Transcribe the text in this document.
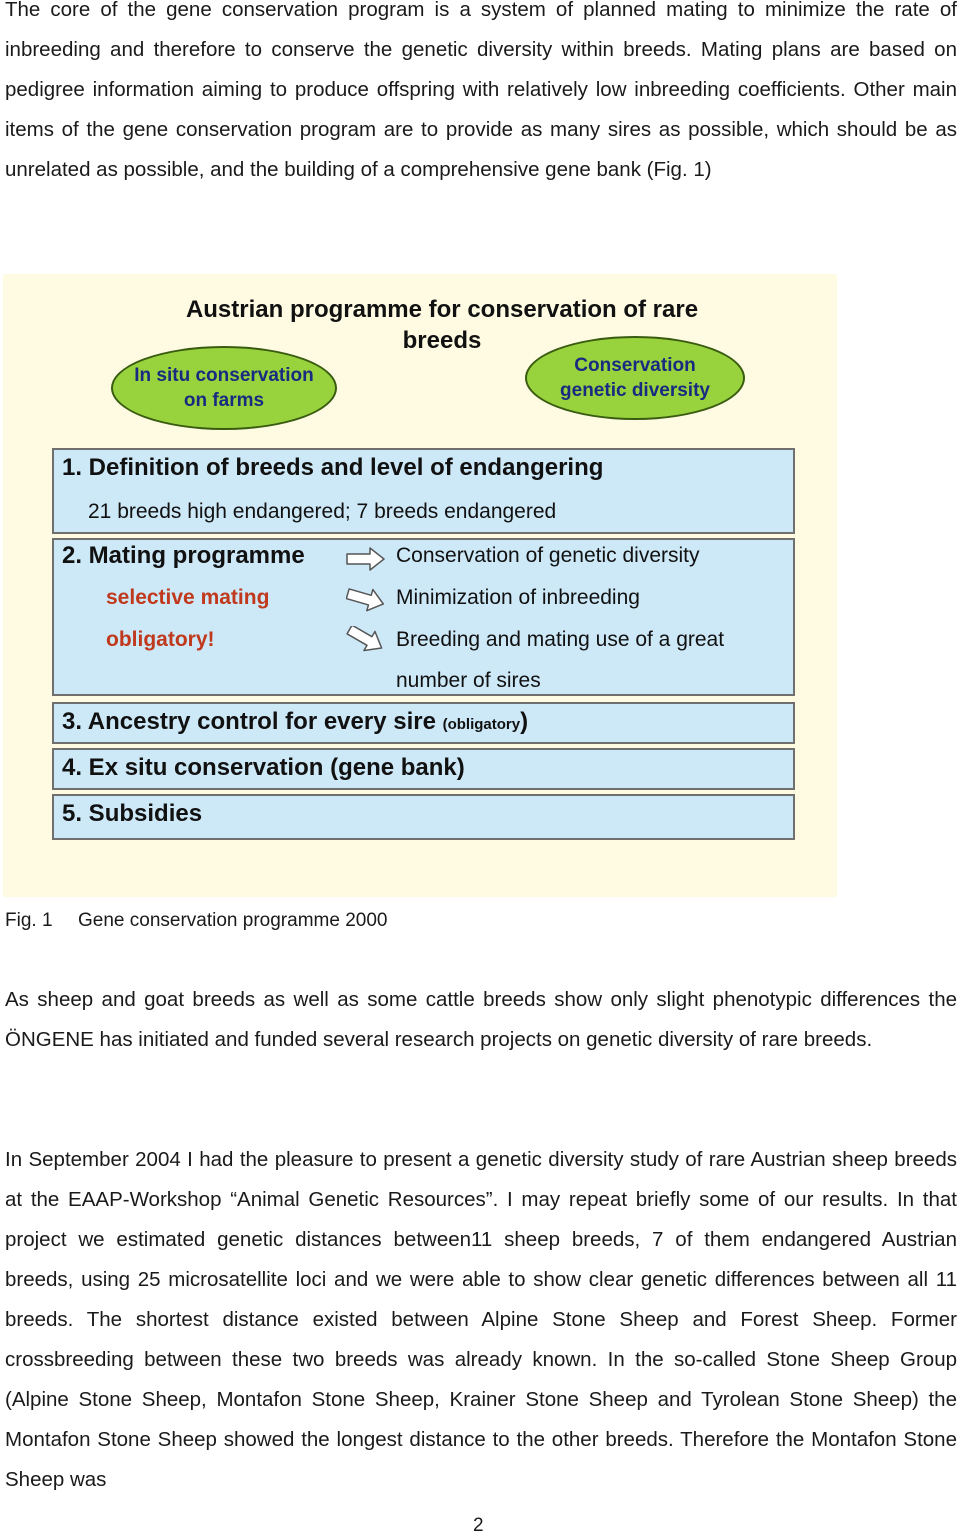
The core of the gene conservation program is a system of planned mating to minimize the rate of inbreeding and therefore to conserve the genetic diversity within breeds. Mating plans are based on pedigree information aiming to produce offspring with relatively low inbreeding coefficients. Other main items of the gene conservation program are to provide as many sires as possible, which should be as unrelated as possible, and the building of a comprehensive gene bank (Fig. 1)

Austrian programme for conservation of rare breeds
In situ conservation
on farms
Conservation
genetic diversity
1. Definition of breeds and level of endangering
21 breeds high endangered; 7 breeds endangered
2. Mating programme
selective mating
obligatory!
Conservation of genetic diversity
Minimization of inbreeding
Breeding and mating use of a great
number of sires
3. Ancestry control for every sire (obligatory)
4. Ex situ conservation (gene bank)
5. Subsidies
Fig. 1 Gene conservation programme 2000

As sheep and goat breeds as well as some cattle breeds show only slight phenotypic differences the ÖNGENE has initiated and funded several research projects on genetic diversity of rare breeds.

In September 2004 I had the pleasure to present a genetic diversity study of rare Austrian sheep breeds at the EAAP-Workshop “Animal Genetic Resources”. I may repeat briefly some of our results. In that project we estimated genetic distances between11 sheep breeds, 7 of them endangered Austrian breeds, using 25 microsatellite loci and we were able to show clear genetic differences between all 11 breeds. The shortest distance existed between Alpine Stone Sheep and Forest Sheep. Former crossbreeding between these two breeds was already known. In the so-called Stone Sheep Group (Alpine Stone Sheep, Montafon Stone Sheep, Krainer Stone Sheep and Tyrolean Stone Sheep) the Montafon Stone Sheep showed the longest distance to the other breeds. Therefore the Montafon Stone Sheep was

2
